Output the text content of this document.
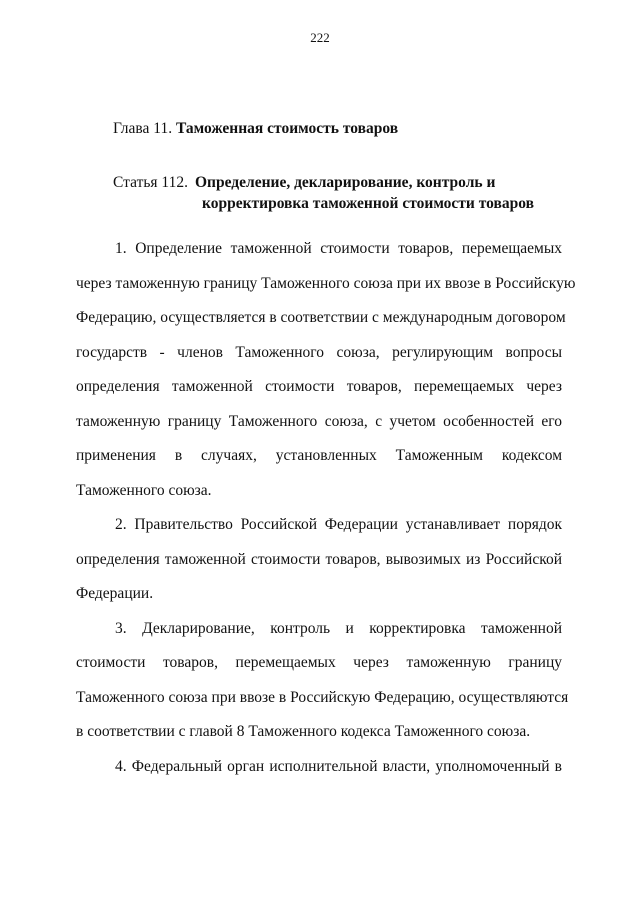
222
Глава 11. Таможенная стоимость товаров
Статья 112. Определение, декларирование, контроль и
корректировка таможенной стоимости товаров
1. Определение таможенной стоимости товаров, перемещаемых
через таможенную границу Таможенного союза при их ввозе в Российскую
Федерацию, осуществляется в соответствии с международным договором
государств - членов Таможенного союза, регулирующим вопросы
определения таможенной стоимости товаров, перемещаемых через
таможенную границу Таможенного союза, с учетом особенностей его
применения в случаях, установленных Таможенным кодексом
Таможенного союза.
2. Правительство Российской Федерации устанавливает порядок
определения таможенной стоимости товаров, вывозимых из Российской
Федерации.
3. Декларирование, контроль и корректировка таможенной
стоимости товаров, перемещаемых через таможенную границу
Таможенного союза при ввозе в Российскую Федерацию, осуществляются
в соответствии с главой 8 Таможенного кодекса Таможенного союза.
4. Федеральный орган исполнительной власти, уполномоченный в
